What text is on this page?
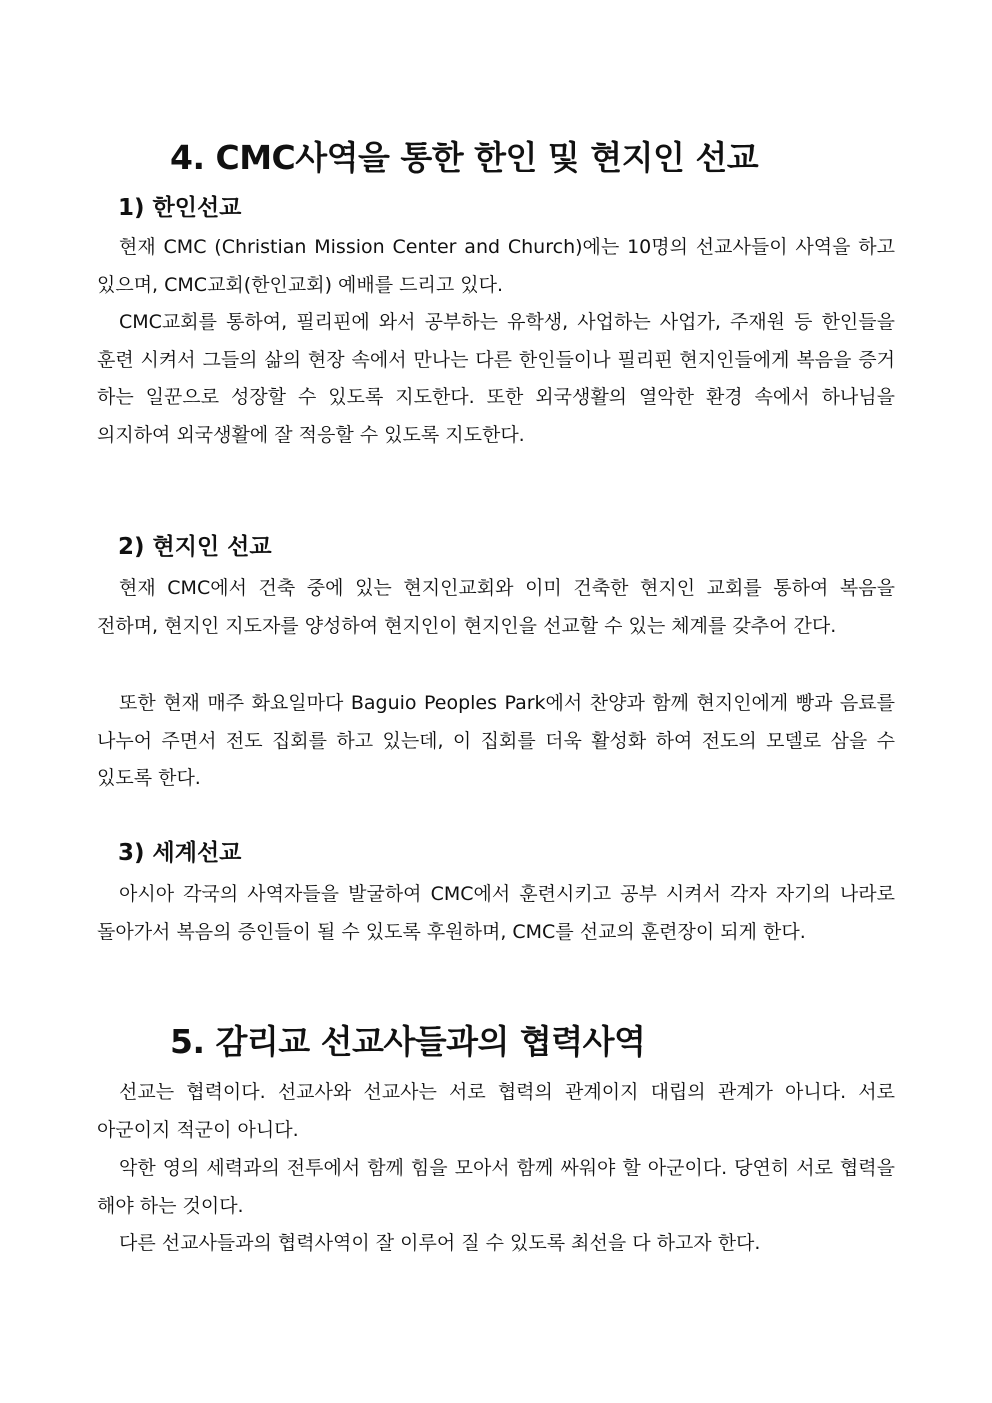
4. CMC사역을 통한 한인 및 현지인 선교
1) 한인선교

현재 CMC (Christian Mission Center and Church)에는 10명의 선교사들이 사역을 하고 있으며, CMC교회(한인교회) 예배를 드리고 있다.

CMC교회를 통하여, 필리핀에 와서 공부하는 유학생, 사업하는 사업가, 주재원 등 한인들을 훈련 시켜서 그들의 삶의 현장 속에서 만나는 다른 한인들이나 필리핀 현지인들에게 복음을 증거 하는 일꾼으로 성장할 수 있도록 지도한다. 또한 외국생활의 열악한 환경 속에서 하나님을 의지하여 외국생활에 잘 적응할 수 있도록 지도한다.

2) 현지인 선교

현재 CMC에서 건축 중에 있는 현지인교회와 이미 건축한 현지인 교회를 통하여 복음을 전하며, 현지인 지도자를 양성하여 현지인이 현지인을 선교할 수 있는 체계를 갖추어 간다.

또한 현재 매주 화요일마다 Baguio Peoples Park에서 찬양과 함께 현지인에게 빵과 음료를 나누어 주면서 전도 집회를 하고 있는데, 이 집회를 더욱 활성화 하여 전도의 모델로 삼을 수 있도록 한다.

3) 세계선교

아시아 각국의 사역자들을 발굴하여 CMC에서 훈련시키고 공부 시켜서 각자 자기의 나라로 돌아가서 복음의 증인들이 될 수 있도록 후원하며, CMC를 선교의 훈련장이 되게 한다.

5. 감리교 선교사들과의 협력사역

선교는 협력이다. 선교사와 선교사는 서로 협력의 관계이지 대립의 관계가 아니다. 서로 아군이지 적군이 아니다.

악한 영의 세력과의 전투에서 함께 힘을 모아서 함께 싸워야 할 아군이다. 당연히 서로 협력을 해야 하는 것이다.

다른 선교사들과의 협력사역이 잘 이루어 질 수 있도록 최선을 다 하고자 한다.
